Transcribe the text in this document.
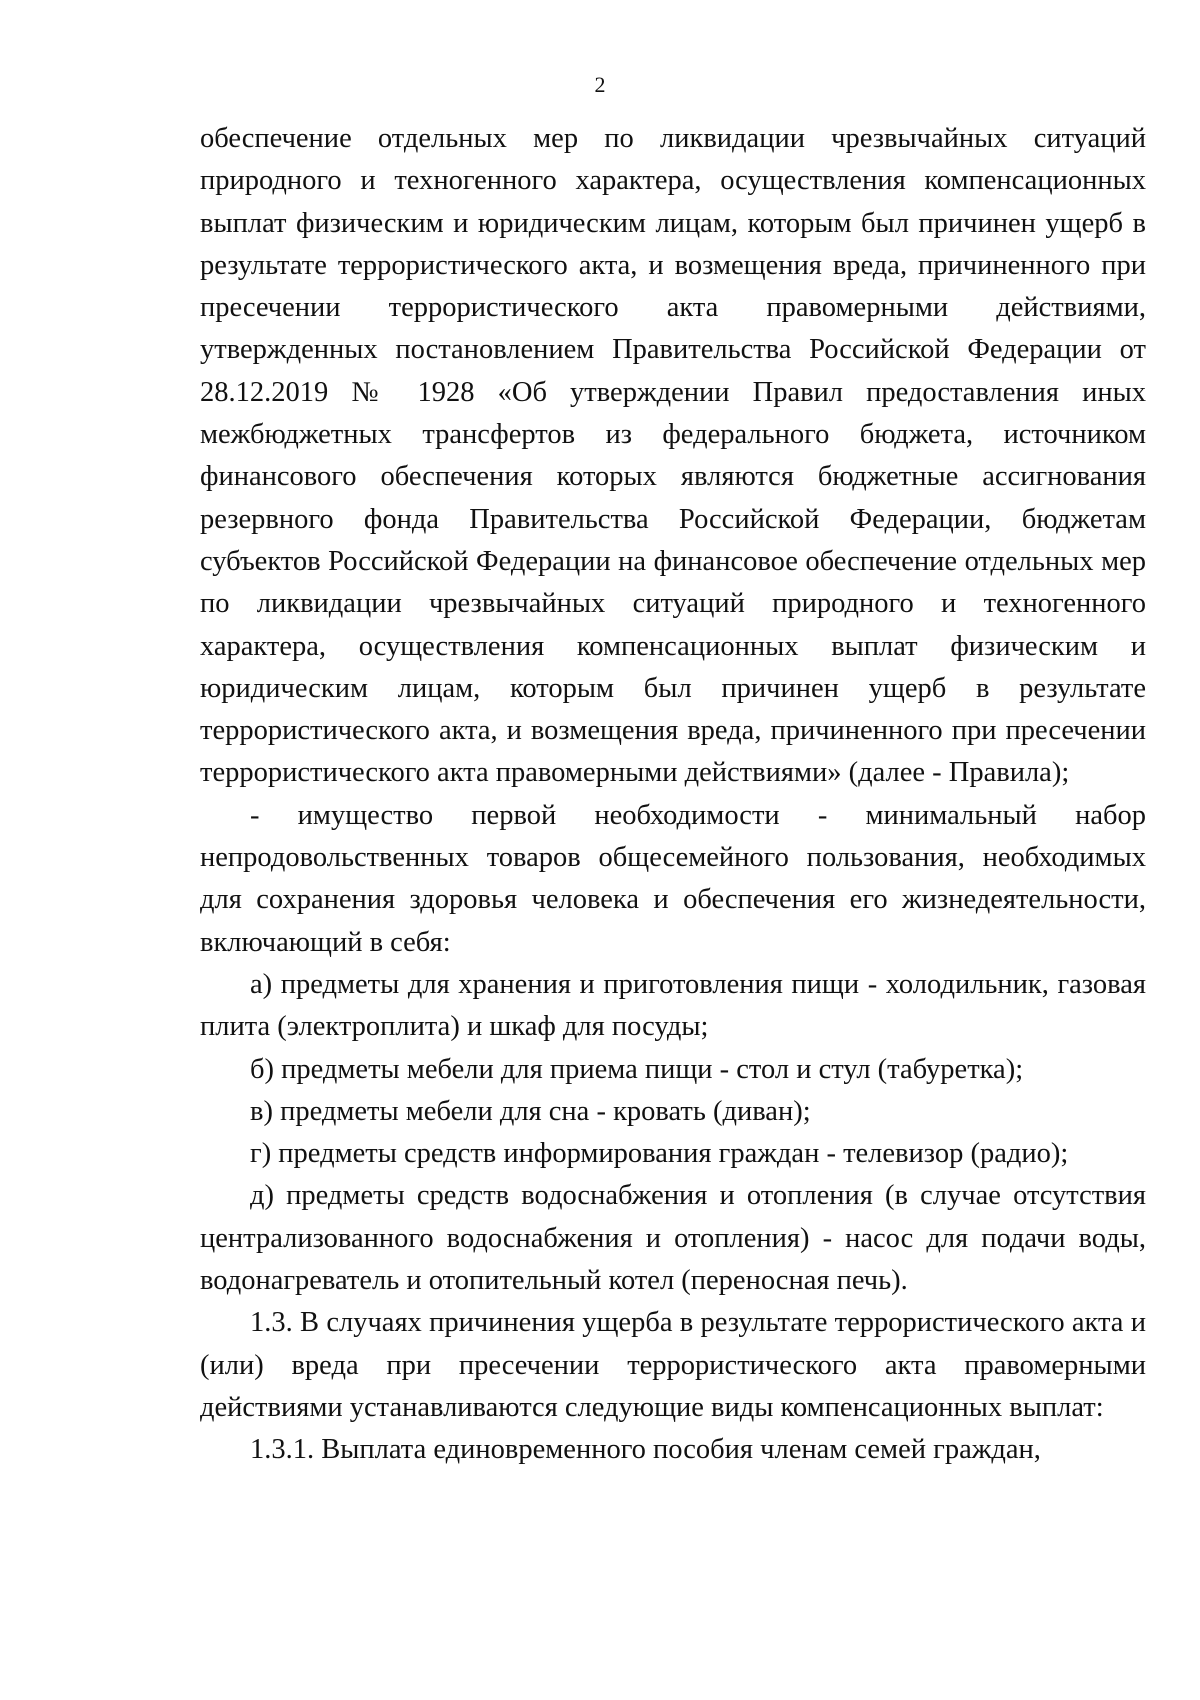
2

обеспечение отдельных мер по ликвидации чрезвычайных ситуаций природного и техногенного характера, осуществления компенсационных выплат физическим и юридическим лицам, которым был причинен ущерб в результате террористического акта, и возмещения вреда, причиненного при пресечении террористического акта правомерными действиями, утвержденных постановлением Правительства Российской Федерации от 28.12.2019 № 1928 «Об утверждении Правил предоставления иных межбюджетных трансфертов из федерального бюджета, источником финансового обеспечения которых являются бюджетные ассигнования резервного фонда Правительства Российской Федерации, бюджетам субъектов Российской Федерации на финансовое обеспечение отдельных мер по ликвидации чрезвычайных ситуаций природного и техногенного характера, осуществления компенсационных выплат физическим и юридическим лицам, которым был причинен ущерб в результате террористического акта, и возмещения вреда, причиненного при пресечении террористического акта правомерными действиями» (далее - Правила);

- имущество первой необходимости - минимальный набор непродовольственных товаров общесемейного пользования, необходимых для сохранения здоровья человека и обеспечения его жизнедеятельности, включающий в себя:

а) предметы для хранения и приготовления пищи - холодильник, газовая плита (электроплита) и шкаф для посуды;

б) предметы мебели для приема пищи - стол и стул (табуретка);

в) предметы мебели для сна - кровать (диван);

г) предметы средств информирования граждан - телевизор (радио);

д) предметы средств водоснабжения и отопления (в случае отсутствия централизованного водоснабжения и отопления) - насос для подачи воды, водонагреватель и отопительный котел (переносная печь).

1.3. В случаях причинения ущерба в результате террористического акта и (или) вреда при пресечении террористического акта правомерными действиями устанавливаются следующие виды компенсационных выплат:

1.3.1. Выплата единовременного пособия членам семей граждан,
